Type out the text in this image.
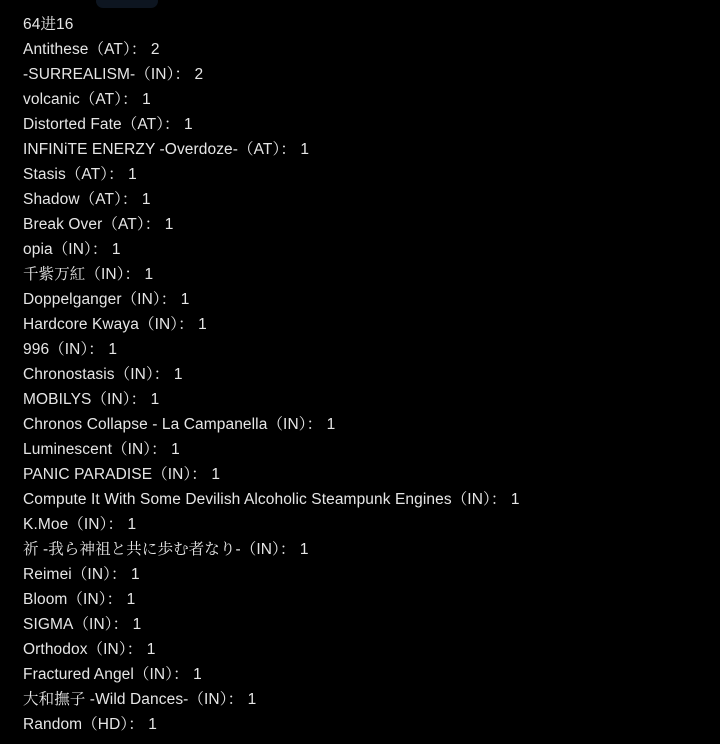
64进16
Antithese（AT）： 2
-SURREALISM-（IN）： 2
volcanic（AT）： 1
Distorted Fate（AT）： 1
INFINiTE ENERZY -Overdoze-（AT）： 1
Stasis（AT）： 1
Shadow（AT）： 1
Break Over（AT）： 1
opia（IN）： 1
千紫万紅（IN）： 1
Doppelganger（IN）： 1
Hardcore Kwaya（IN）： 1
996（IN）： 1
Chronostasis（IN）： 1
MOBILYS（IN）： 1
Chronos Collapse - La Campanella（IN）： 1
Luminescent（IN）： 1
PANIC PARADISE（IN）： 1
Compute It With Some Devilish Alcoholic Steampunk Engines（IN）： 1
K.Moe（IN）： 1
祈 -我ら神祖と共に歩む者なり-（IN）： 1
Reimei（IN）： 1
Bloom（IN）： 1
SIGMA（IN）： 1
Orthodox（IN）： 1
Fractured Angel（IN）： 1
大和撫子 -Wild Dances-（IN）： 1
Random（HD）： 1
